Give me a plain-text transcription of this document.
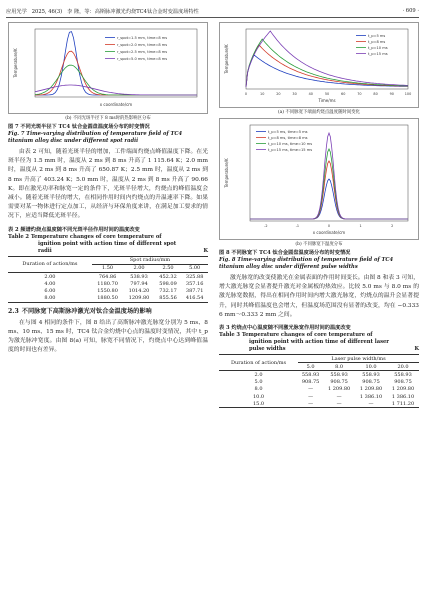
应用光学 2025, 46(3) 李 隆，等：高斯脉冲激光灼烧TC4钛合金时变温度场特性	· 609 ·
Temperature/K
x coordinate/cm
r_spot=1.5 mm, time=8 ms
r_spot=2.0 mm, time=8 ms
r_spot=2.5 mm, time=8 ms
r_spot=5.0 mm, time=8 ms
(b) 不同光斑半径下 8 ms时的热影响区分布
图 7 不同光斑半径下 TC4 钛合金圆盘温度场分布的时变情况
Fig. 7 Time-varying distribution of temperature field of TC4 titanium alloy disc under different spot radii

由表 2 可知，随着光斑半径的增加，工件端面灼烧点峰值温度下降。在光斑半径为 1.5 mm 时，温度从 2 ms 到 8 ms 升高了 1 115.64 K；2.0 mm 时，温度从 2 ms 到 8 ms 升高了 650.87 K；2.5 mm 时，温度从 2 ms 到 8 ms 升高了 403.24 K；5.0 mm 时，温度从 2 ms 到 8 ms 升高了 90.66 K。即在激光功率和脉宽一定的条件下，光斑半径增大，灼烧点的峰值温度会减小。随着光斑半径的增大，在相同作用时间内灼烧点的升温速率下降。如果需要对某一物体进行定点加工，从经济与环保角度来讲，在满足加工要求的情况下，应适当降低光斑半径。

表 2 频谱灼烧点温度随不同光斑半径作用时间的温度改变
Table 2 Temperature changes of core temperature of
ignition point with action time of different spot
radii	K
Duration of action/ms	Spot radius/mm			
	1.50	2.00	2.50	5.00
2.00	764.86	538.93	452.32	325.88
4.00	1180.70	797.94	598.09	357.16
6.00	1550.80	1014.20	732.17	387.71
8.00	1880.50	1209.80	855.56	416.54
2.3 不同脉宽下高斯脉冲激光对钛合金温度场的影响

在与图 4 相同的条件下，图 8 给出了高斯脉冲激光脉宽分别为 5 ms、8 ms、10 ms、15 ms 时，TC4 钛合金灼烧中心点的温度时变情况，其中 t_p 为激光脉冲宽度。由图 8(a) 可知，脉宽不同情况下，灼烧点中心达到峰值温度的时间也有差异。

Temperature/K
Time/ms
0	10	20	30	40	50	60	70	80	90	100
t_p=5 ms
t_p=8 ms
t_p=10 ms
t_p=15 ms
(a) 不同脉宽下端面灼烧点温度随时间变化
Temperature/K
x coordinate/cm
-2	-1	0	1	2
t_p=5 ms, time=5 ms
t_p=8 ms, time=8 ms
t_p=10 ms, time=10 ms
t_p=15 ms, time=15 ms
(b) 不同脉宽下温度分布
图 8 不同脉宽下 TC4 钛合金圆盘温度场分布的时变情况
Fig. 8 Time-varying distribution of temperature field of TC4 titanium alloy disc under different pulse widths

激光脉宽的改变使激光在金属表面的作用时间变长。由图 8 和表 3 可知，增大激光脉宽会显著提升激光对金属板的热效应。比较 5.0 ms 与 8.0 ms 的激光脉宽数据，得出在相同作用时间内增大激光脉宽，灼烧点的温升会显著提升，同时其峰值温度也会增大，但温度场范围没有显著的改变，均在 −0.333 6 mm～0.333 2 mm 之间。

表 3 灼烧点中心温度随不同激光脉宽作用时间的温度改变
Table 3 Temperature changes of core temperature of
ignition point with action time of different laser
pulse widths	K
Duration of action/ms	Laser pulse width/ms			
	5.0	8.0	10.0	20.0
2.0	558.93	558.93	558.93	558.93
5.0	908.75	908.75	908.75	908.75
8.0	—	1 209.80	1 209.80	1 209.80
10.0	—	—	1 386.10	1 386.10
15.0	—	—	—	1 711.20
